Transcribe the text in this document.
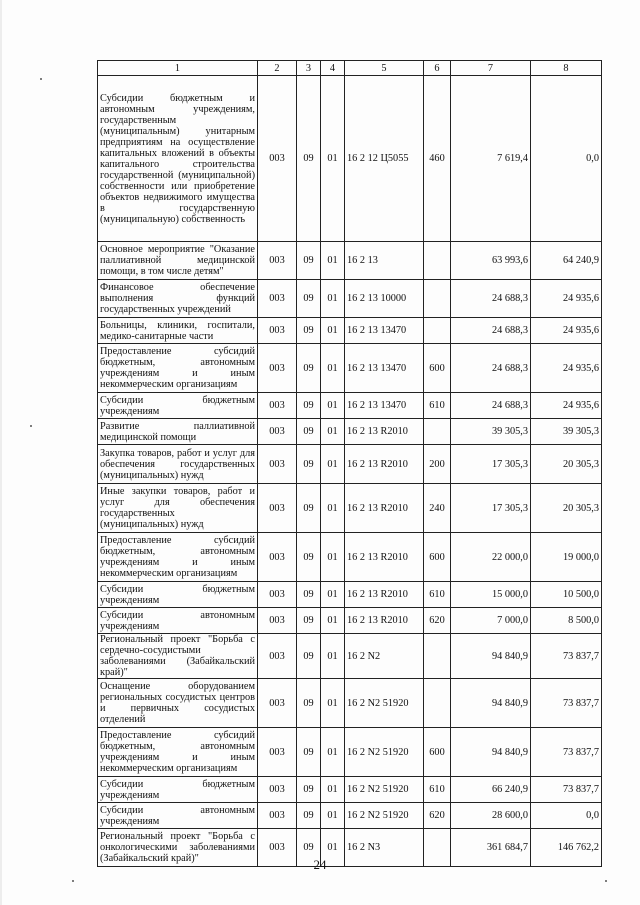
1	2	3	4	5	6	7	8
Субсидии бюджетным и автономным учреждениям, государственным (муниципальным) унитарным предприятиям на осуществление капитальных вложений в объекты капитального строительства государственной (муниципальной) собственности или приобретение объектов недвижимого имущества в государственную (муниципальную) собственность	003	09	01	16 2 12 Ц5055	460	7 619,4	0,0
Основное мероприятие "Оказание паллиативной медицинской помощи, в том числе детям"	003	09	01	16 2 13		63 993,6	64 240,9
Финансовое обеспечение выполнения функций государственных учреждений	003	09	01	16 2 13 10000		24 688,3	24 935,6
Больницы, клиники, госпитали, медико-санитарные части	003	09	01	16 2 13 13470		24 688,3	24 935,6
Предоставление субсидий бюджетным, автономным учреждениям и иным некоммерческим организациям	003	09	01	16 2 13 13470	600	24 688,3	24 935,6
Субсидии бюджетным учреждениям	003	09	01	16 2 13 13470	610	24 688,3	24 935,6
Развитие паллиативной медицинской помощи	003	09	01	16 2 13 R2010		39 305,3	39 305,3
Закупка товаров, работ и услуг для обеспечения государственных (муниципальных) нужд	003	09	01	16 2 13 R2010	200	17 305,3	20 305,3
Иные закупки товаров, работ и услуг для обеспечения государственных (муниципальных) нужд	003	09	01	16 2 13 R2010	240	17 305,3	20 305,3
Предоставление субсидий бюджетным, автономным учреждениям и иным некоммерческим организациям	003	09	01	16 2 13 R2010	600	22 000,0	19 000,0
Субсидии бюджетным учреждениям	003	09	01	16 2 13 R2010	610	15 000,0	10 500,0
Субсидии автономным учреждениям	003	09	01	16 2 13 R2010	620	7 000,0	8 500,0
Региональный проект "Борьба с сердечно-сосудистыми заболеваниями (Забайкальский край)"	003	09	01	16 2 N2		94 840,9	73 837,7
Оснащение оборудованием региональных сосудистых центров и первичных сосудистых отделений	003	09	01	16 2 N2 51920		94 840,9	73 837,7
Предоставление субсидий бюджетным, автономным учреждениям и иным некоммерческим организациям	003	09	01	16 2 N2 51920	600	94 840,9	73 837,7
Субсидии бюджетным учреждениям	003	09	01	16 2 N2 51920	610	66 240,9	73 837,7
Субсидии автономным учреждениям	003	09	01	16 2 N2 51920	620	28 600,0	0,0
Региональный проект "Борьба с онкологическими заболеваниями (Забайкальский край)"	003	09	01	16 2 N3		361 684,7	146 762,2
24
